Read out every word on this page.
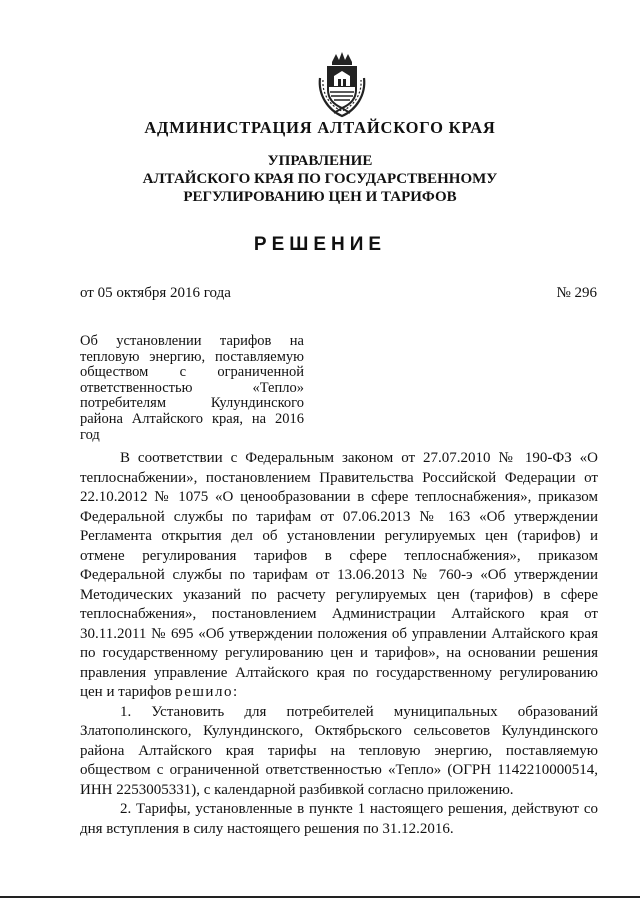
АДМИНИСТРАЦИЯ АЛТАЙСКОГО КРАЯ
УПРАВЛЕНИЕ
АЛТАЙСКОГО КРАЯ ПО ГОСУДАРСТВЕННОМУ
РЕГУЛИРОВАНИЮ ЦЕН И ТАРИФОВ
РЕШЕНИЕ
от 05 октября 2016 года	№ 296
Об установлении тарифов на тепловую энергию, поставляемую обществом с ограниченной ответственностью «Тепло» потребителям Кулундинского района Алтайского края, на 2016
год

В соответствии с Федеральным законом от 27.07.2010 № 190-ФЗ «О теплоснабжении», постановлением Правительства Российской Федерации от 22.10.2012 № 1075 «О ценообразовании в сфере теплоснабжения», приказом Федеральной службы по тарифам от 07.06.2013 № 163 «Об утверждении Регламента открытия дел об установлении регулируемых цен (тарифов) и отмене регулирования тарифов в сфере теплоснабжения», приказом Федеральной службы по тарифам от 13.06.2013 № 760-э «Об утверждении Методических указаний по расчету регулируемых цен (тарифов) в сфере теплоснабжения», постановлением Администрации Алтайского края от 30.11.2011 № 695 «Об утверждении положения об управлении Алтайского края по государственному регулированию цен и тарифов», на основании решения правления управление Алтайского края по государственному регулированию цен и тарифов решило:

1. Установить для потребителей муниципальных образований Златополинского, Кулундинского, Октябрьского сельсоветов Кулундинского района Алтайского края тарифы на тепловую энергию, поставляемую обществом с ограниченной ответственностью «Тепло» (ОГРН 1142210000514, ИНН 2253005331), с календарной разбивкой согласно приложению.

2. Тарифы, установленные в пункте 1 настоящего решения, действуют со дня вступления в силу настоящего решения по 31.12.2016.
